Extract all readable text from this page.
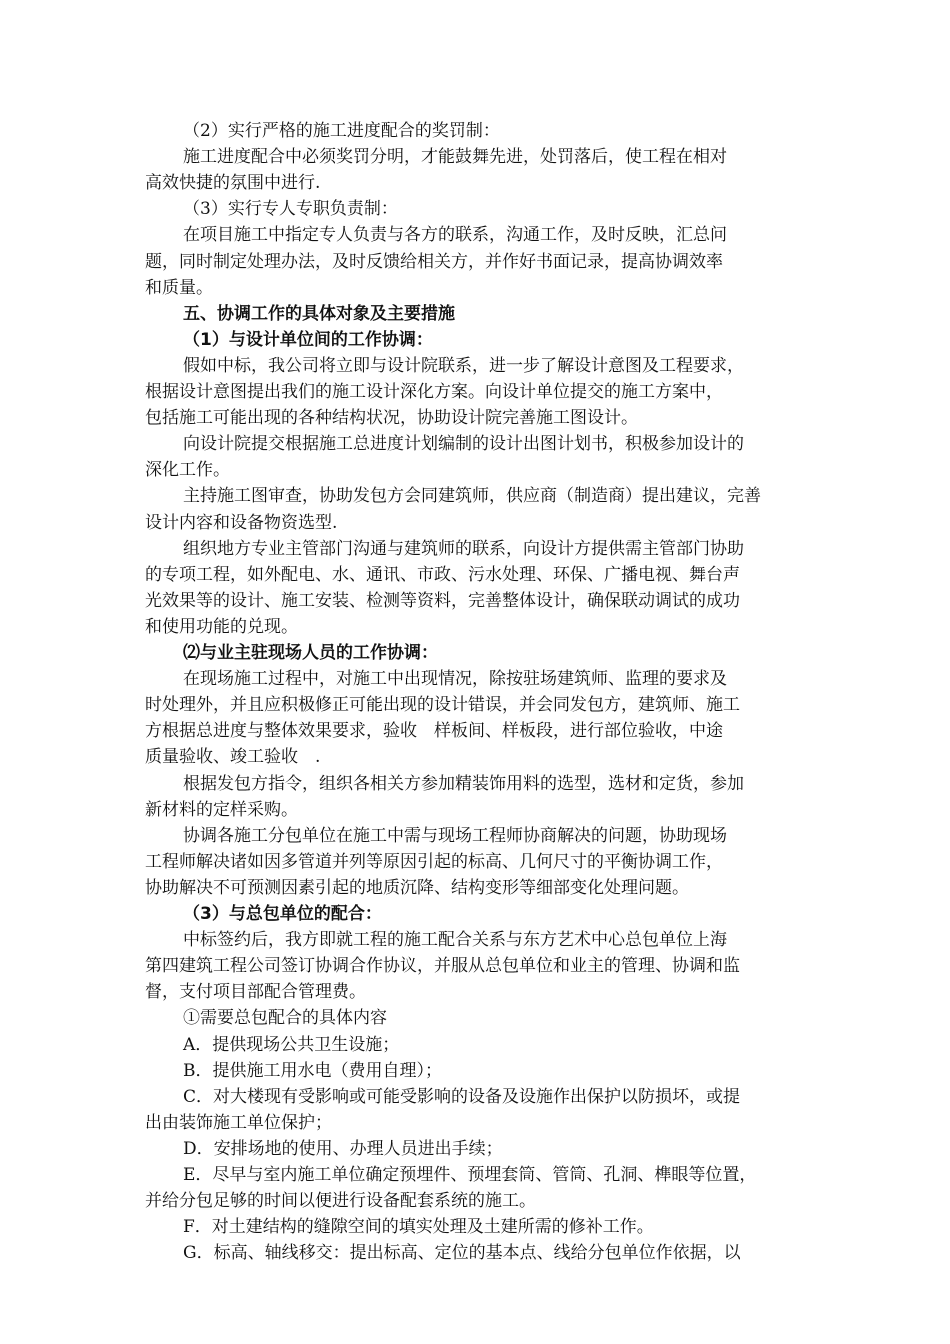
（2）实行严格的施工进度配合的奖罚制：
施工进度配合中必须奖罚分明，才能鼓舞先进，处罚落后，使工程在相对
高效快捷的氛围中进行.
（3）实行专人专职负责制：
在项目施工中指定专人负责与各方的联系，沟通工作，及时反映，汇总问
题，同时制定处理办法，及时反馈给相关方，并作好书面记录，提高协调效率
和质量。
五、协调工作的具体对象及主要措施
（1）与设计单位间的工作协调：
假如中标，我公司将立即与设计院联系，进一步了解设计意图及工程要求，
根据设计意图提出我们的施工设计深化方案。向设计单位提交的施工方案中，
包括施工可能出现的各种结构状况，协助设计院完善施工图设计。
向设计院提交根据施工总进度计划编制的设计出图计划书，积极参加设计的
深化工作。
主持施工图审查，协助发包方会同建筑师，供应商（制造商）提出建议，完善
设计内容和设备物资选型.
组织地方专业主管部门沟通与建筑师的联系，向设计方提供需主管部门协助
的专项工程，如外配电、水、通讯、市政、污水处理、环保、广播电视、舞台声
光效果等的设计、施工安装、检测等资料，完善整体设计，确保联动调试的成功
和使用功能的兑现。
⑵与业主驻现场人员的工作协调：
在现场施工过程中，对施工中出现情况，除按驻场建筑师、监理的要求及
时处理外，并且应积极修正可能出现的设计错误，并会同发包方，建筑师、施工
方根据总进度与整体效果要求，验收　样板间、样板段，进行部位验收，中途
质量验收、竣工验收　.
根据发包方指令，组织各相关方参加精装饰用料的选型，选材和定货，参加
新材料的定样采购。
协调各施工分包单位在施工中需与现场工程师协商解决的问题，协助现场
工程师解决诸如因多管道并列等原因引起的标高、几何尺寸的平衡协调工作，
协助解决不可预测因素引起的地质沉降、结构变形等细部变化处理问题。
（3）与总包单位的配合：
中标签约后，我方即就工程的施工配合关系与东方艺术中心总包单位上海
第四建筑工程公司签订协调合作协议，并服从总包单位和业主的管理、协调和监
督，支付项目部配合管理费。
①需要总包配合的具体内容
A．提供现场公共卫生设施；
B．提供施工用水电（费用自理）；
C．对大楼现有受影响或可能受影响的设备及设施作出保护以防损坏，或提
出由装饰施工单位保护；
D．安排场地的使用、办理人员进出手续；
E．尽早与室内施工单位确定预埋件、预埋套筒、管筒、孔洞、榫眼等位置，
并给分包足够的时间以便进行设备配套系统的施工。
F．对土建结构的缝隙空间的填实处理及土建所需的修补工作。
G．标高、轴线移交：提出标高、定位的基本点、线给分包单位作依据，以
